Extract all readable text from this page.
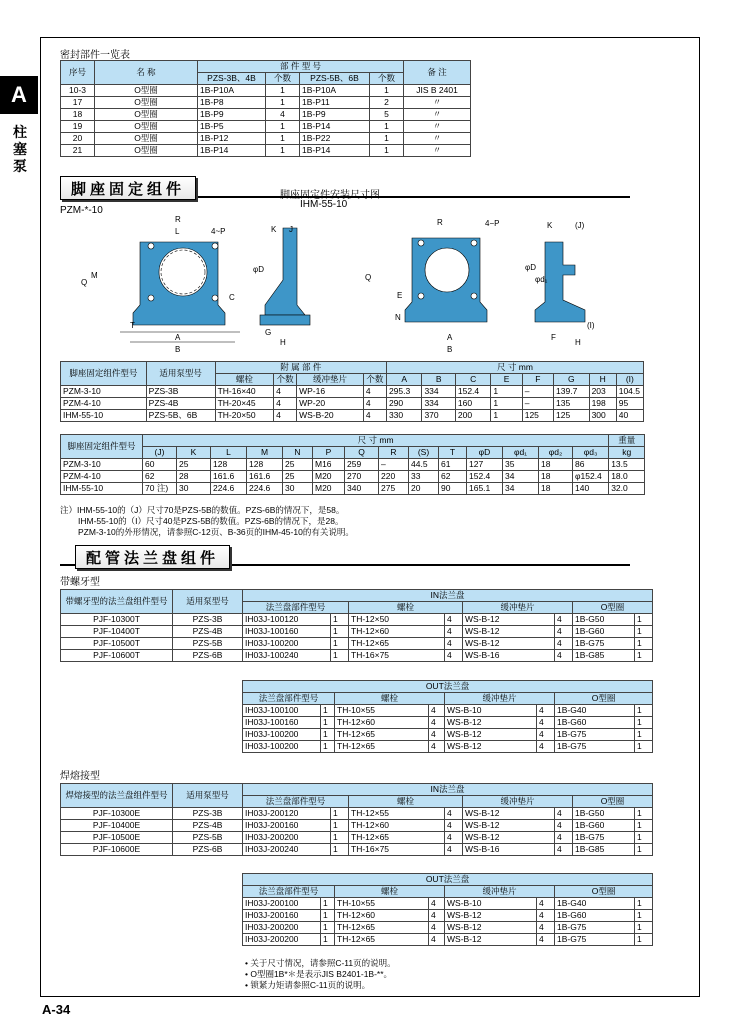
A
柱塞泵
A-34
密封部件一览表
序号	名 称	部 件 型 号				备 注
		PZS-3B、4B	个数	PZS-5B、6B	个数	
10-3	O型圈	1B-P10A	1	1B-P10A	1	JIS B 2401
17	O型圈	1B-P8	1	1B-P11	2	〃
18	O型圈	1B-P9	4	1B-P9	5	〃
19	O型圈	1B-P5	1	1B-P14	1	〃
20	O型圈	1B-P12	1	1B-P22	1	〃
21	O型圈	1B-P14	1	1B-P14	1	〃
脚座固定组件
PZM-*-10
脚座固定件安装尺寸图
IHM-55-10
R
L	4~P
Q
M
T
A
B
C
K J
φD
G
H
R	4−P	K	(J)
φD
φd₁
F
H
(I)
A
B
N
E
Q
脚座固定组件型号	适用泵型号	附 属 部 件				尺 寸 mm							
		螺栓	个数	缓冲垫片	个数	A	B	C	E	F	G	H	(I)
PZM-3-10	PZS-3B	TH-16×40	4	WP-16	4	295.3	334	152.4	1	–	139.7	203	104.5
PZM-4-10	PZS-4B	TH-20×45	4	WP-20	4	290	334	160	1	–	135	198	95
IHM-55-10	PZS-5B、6B	TH-20×50	4	WS-B-20	4	330	370	200	1	125	125	300	40
脚座固定组件型号	尺 寸 mm														重量
	(J)	K	L	M	N	P	Q	R	(S)	T	φD	φd₁	φd₂	φd₃	kg
PZM-3-10	60	25	128	128	25	M16	259	–	44.5	61	127	35	18	86	13.5
PZM-4-10	62	28	161.6	161.6	25	M20	270	220	33	62	152.4	34	18	φ152.4	18.0
IHM-55-10	70 注)	30	224.6	224.6	30	M20	340	275	20	90	165.1	34	18	140	32.0
注）IHM-55-10的（J）尺寸70是PZS-5B的数值。PZS-6B的情况下，是58。
IHM-55-10的（I）尺寸40是PZS-5B的数值。PZS-6B的情况下，是28。
PZM-3-10的外形情况，请参照C-12页、B-36页的IHM-45-10的有关说明。
配管法兰盘组件
带螺牙型
带螺牙型的法兰盘组件型号	适用泵型号	IN法兰盘							
		法兰盘部件型号		螺栓		缓冲垫片		O型圈	
PJF-10300T	PZS-3B	IH03J-100120	1	TH-12×50	4	WS-B-12	4	1B-G50	1
PJF-10400T	PZS-4B	IH03J-100160	1	TH-12×60	4	WS-B-12	4	1B-G60	1
PJF-10500T	PZS-5B	IH03J-100200	1	TH-12×65	4	WS-B-12	4	1B-G75	1
PJF-10600T	PZS-6B	IH03J-100240	1	TH-16×75	4	WS-B-16	4	1B-G85	1
OUT法兰盘							
法兰盘部件型号		螺栓		缓冲垫片		O型圈	
IH03J-100100	1	TH-10×55	4	WS-B-10	4	1B-G40	1
IH03J-100160	1	TH-12×60	4	WS-B-12	4	1B-G60	1
IH03J-100200	1	TH-12×65	4	WS-B-12	4	1B-G75	1
IH03J-100200	1	TH-12×65	4	WS-B-12	4	1B-G75	1
焊熔接型
焊熔接型的法兰盘组件型号	适用泵型号	IN法兰盘							
		法兰盘部件型号		螺栓		缓冲垫片		O型圈	
PJF-10300E	PZS-3B	IH03J-200120	1	TH-12×55	4	WS-B-12	4	1B-G50	1
PJF-10400E	PZS-4B	IH03J-200160	1	TH-12×60	4	WS-B-12	4	1B-G60	1
PJF-10500E	PZS-5B	IH03J-200200	1	TH-12×65	4	WS-B-12	4	1B-G75	1
PJF-10600E	PZS-6B	IH03J-200240	1	TH-16×75	4	WS-B-16	4	1B-G85	1
OUT法兰盘							
法兰盘部件型号		螺栓		缓冲垫片		O型圈	
IH03J-200100	1	TH-10×55	4	WS-B-10	4	1B-G40	1
IH03J-200160	1	TH-12×60	4	WS-B-12	4	1B-G60	1
IH03J-200200	1	TH-12×65	4	WS-B-12	4	1B-G75	1
IH03J-200200	1	TH-12×65	4	WS-B-12	4	1B-G75	1
• 关于尺寸情况，请参照C-11页的说明。
• O型圈1B*＊是表示JIS B2401-1B-**。
• 锁紧力矩请参照C-11页的说明。
